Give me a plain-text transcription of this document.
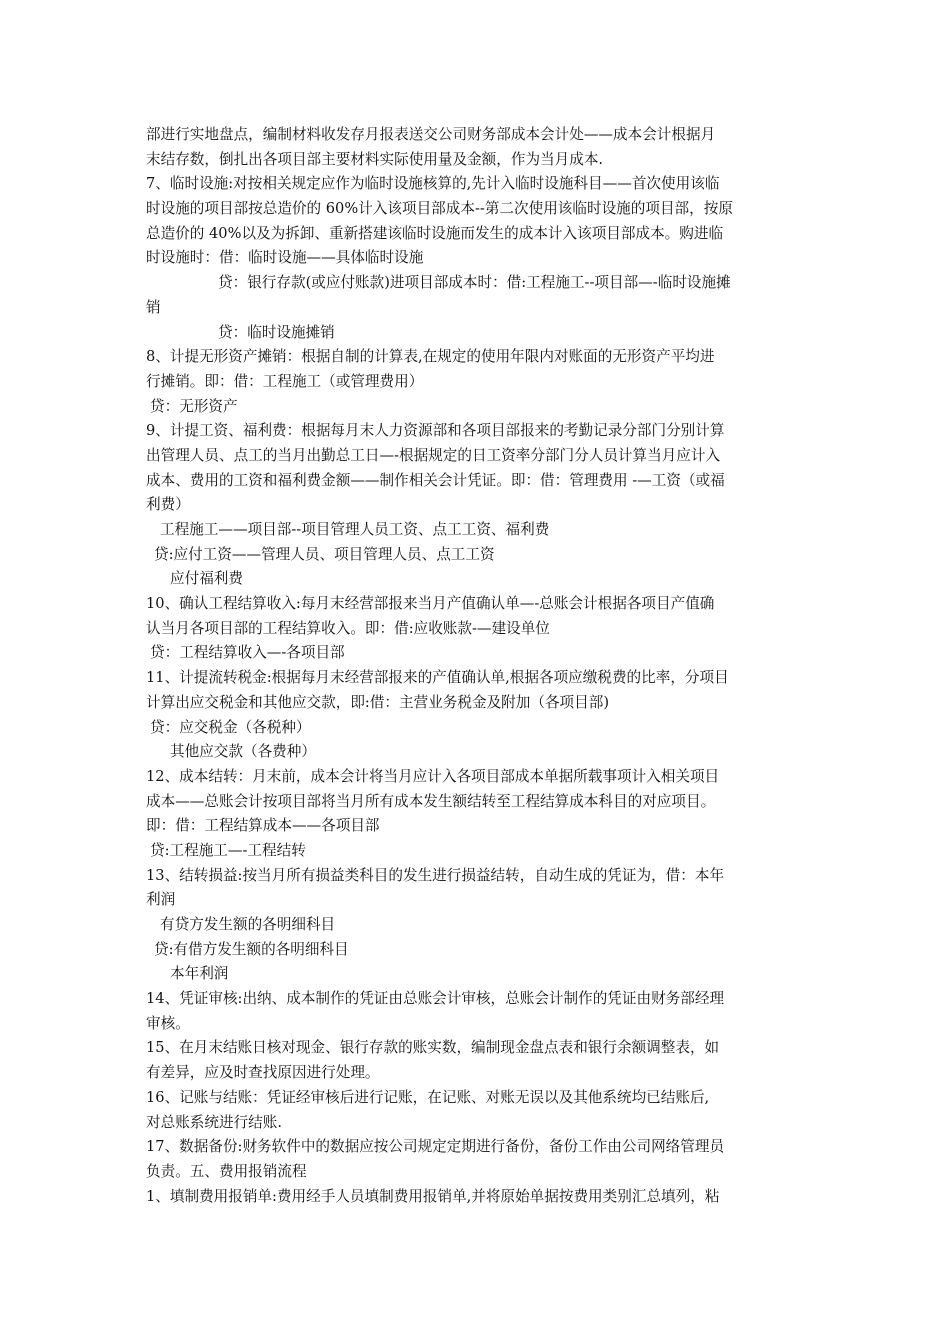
部进行实地盘点，编制材料收发存月报表送交公司财务部成本会计处——成本会计根据月
末结存数，倒扎出各项目部主要材料实际使用量及金额，作为当月成本.
7、临时设施:对按相关规定应作为临时设施核算的,先计入临时设施科目——首次使用该临
时设施的项目部按总造价的 60%计入该项目部成本--第二次使用该临时设施的项目部，按原
总造价的 40%以及为拆卸、重新搭建该临时设施而发生的成本计入该项目部成本。购进临
时设施时：借：临时设施——具体临时设施
贷：银行存款(或应付账款)进项目部成本时：借:工程施工--项目部—-临时设施摊
销
贷：临时设施摊销
8、计提无形资产摊销：根据自制的计算表,在规定的使用年限内对账面的无形资产平均进
行摊销。即：借：工程施工（或管理费用）
贷：无形资产
9、计提工资、福利费：根据每月末人力资源部和各项目部报来的考勤记录分部门分别计算
出管理人员、点工的当月出勤总工日—-根据规定的日工资率分部门分人员计算当月应计入
成本、费用的工资和福利费金额——制作相关会计凭证。即：借：管理费用 -—工资（或福
利费）
工程施工——项目部--项目管理人员工资、点工工资、福利费
贷:应付工资——管理人员、项目管理人员、点工工资
应付福利费
10、确认工程结算收入:每月末经营部报来当月产值确认单—-总账会计根据各项目产值确
认当月各项目部的工程结算收入。即：借:应收账款-—建设单位
贷：工程结算收入—-各项目部
11、计提流转税金:根据每月末经营部报来的产值确认单,根据各项应缴税费的比率，分项目
计算出应交税金和其他应交款，即:借：主营业务税金及附加（各项目部)
贷：应交税金（各税种）
其他应交款（各费种）
12、成本结转：月末前，成本会计将当月应计入各项目部成本单据所载事项计入相关项目
成本——总账会计按项目部将当月所有成本发生额结转至工程结算成本科目的对应项目。
即：借：工程结算成本——各项目部
贷:工程施工—-工程结转
13、结转损益:按当月所有损益类科目的发生进行损益结转，自动生成的凭证为，借：本年
利润
有贷方发生额的各明细科目
贷:有借方发生额的各明细科目
本年利润
14、凭证审核:出纳、成本制作的凭证由总账会计审核，总账会计制作的凭证由财务部经理
审核。
15、在月末结账日核对现金、银行存款的账实数，编制现金盘点表和银行余额调整表，如
有差异，应及时查找原因进行处理。
16、记账与结账：凭证经审核后进行记账，在记账、对账无误以及其他系统均已结账后,
对总账系统进行结账.
17、数据备份:财务软件中的数据应按公司规定定期进行备份，备份工作由公司网络管理员
负责。五、费用报销流程
1、填制费用报销单:费用经手人员填制费用报销单,并将原始单据按费用类别汇总填列，粘
